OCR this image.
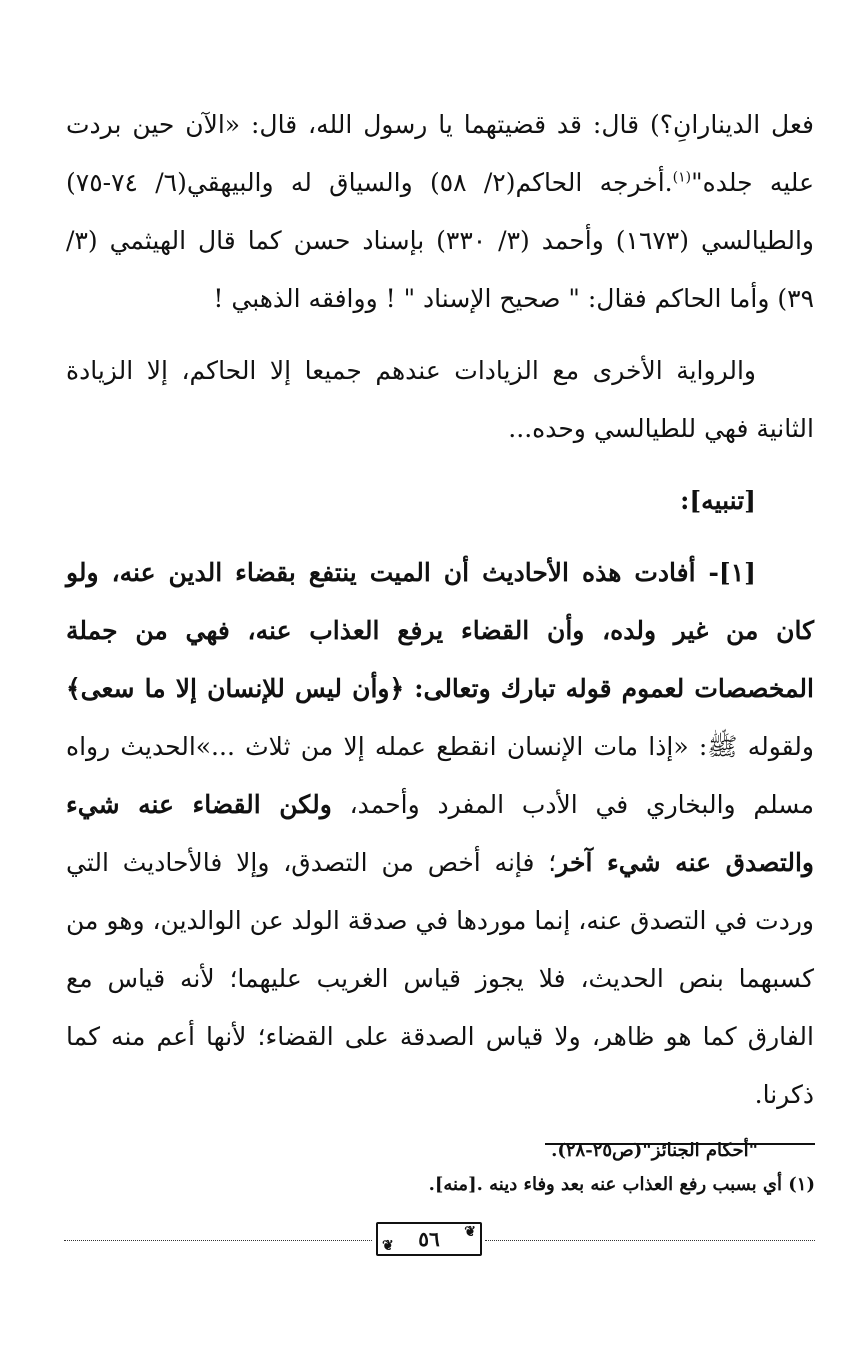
فعل الدينارانِ؟) قال: قد قضيتهما يا رسول الله، قال: «الآن حين بردت عليه جلده"$^{(١)}$.أخرجه الحاكم(٢/ ٥٨) والسياق له والبيهقي(٦/ ٧٤-٧٥) والطيالسي (١٦٧٣) وأحمد (٣/ ٣٣٠) بإسناد حسن كما قال الهيثمي (٣/ ٣٩) وأما الحاكم فقال: " صحيح الإسناد " ! ووافقه الذهبي !

والرواية الأخرى مع الزيادات عندهم جميعا إلا الحاكم، إلا الزيادة الثانية فهي للطيالسي وحده...

[تنبيه]:

[١]- أفادت هذه الأحاديث أن الميت ينتفع بقضاء الدين عنه، ولو كان من غير ولده، وأن القضاء يرفع العذاب عنه، فهي من جملة المخصصات لعموم قوله تبارك وتعالى: ﴿وأن ليس للإنسان إلا ما سعى﴾ ولقوله ﷺ: «إذا مات الإنسان انقطع عمله إلا من ثلاث ...»الحديث رواه مسلم والبخاري في الأدب المفرد وأحمد، ولكن القضاء عنه شيء والتصدق عنه شيء آخر؛ فإنه أخص من التصدق، وإلا فالأحاديث التي وردت في التصدق عنه، إنما موردها في صدقة الولد عن الوالدين، وهو من كسبهما بنص الحديث، فلا يجوز قياس الغريب عليهما؛ لأنه قياس مع الفارق كما هو ظاهر، ولا قياس الصدقة على القضاء؛ لأنها أعم منه كما ذكرنا.

"أحكام الجنائز"(ص٢٥-٢٨).

(١) أي بسبب رفع العذاب عنه بعد وفاء دينه .[منه].

❦
٥٦
❦
